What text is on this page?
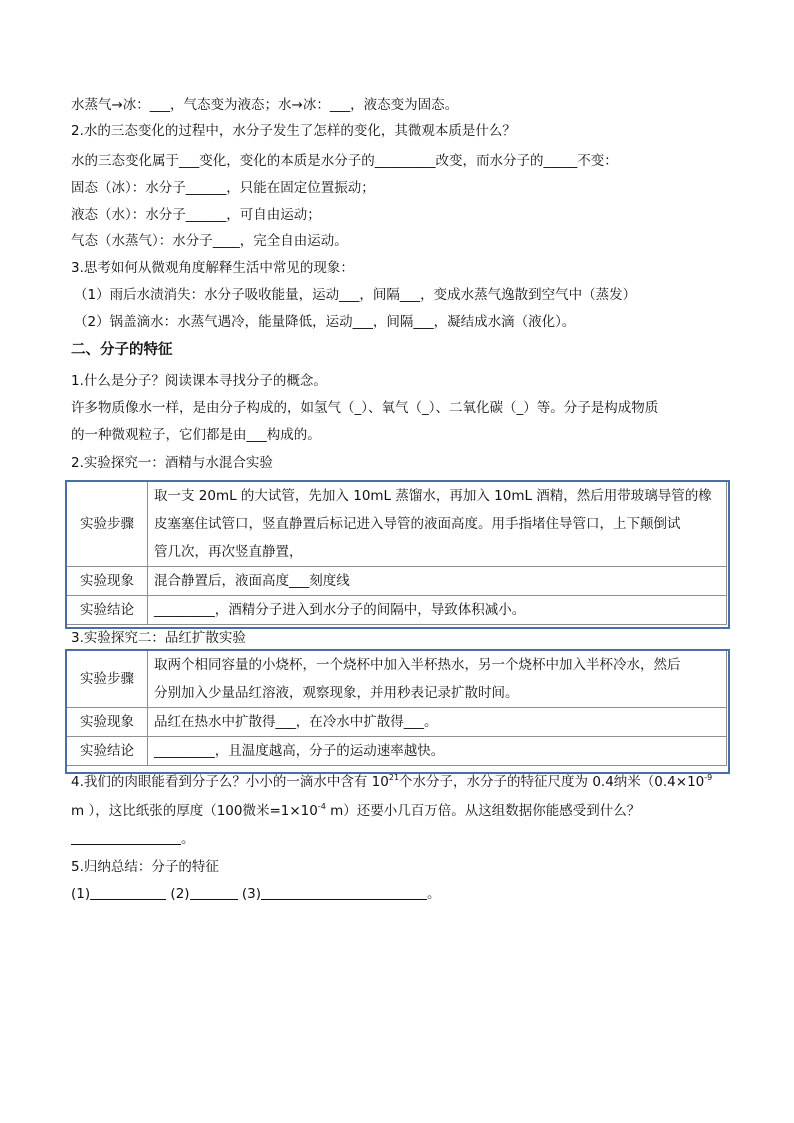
水蒸气→冰：___，气态变为液态；水→冰：___，液态变为固态。
2.水的三态变化的过程中，水分子发生了怎样的变化，其微观本质是什么？
水的三态变化属于___变化，变化的本质是水分子的_________改变，而水分子的_____不变：
固态（冰）：水分子______，只能在固定位置振动；
液态（水）：水分子______，可自由运动；
气态（水蒸气）：水分子____，完全自由运动。
3.思考如何从微观角度解释生活中常见的现象：
（1）雨后水渍消失：水分子吸收能量，运动___，间隔___，变成水蒸气逸散到空气中（蒸发）
（2）锅盖滴水：水蒸气遇冷，能量降低，运动___，间隔___，凝结成水滴（液化）。
二、分子的特征
1.什么是分子？阅读课本寻找分子的概念。
许多物质像水一样，是由分子构成的，如氢气（_）、氧气（_）、二氧化碳（_）等。分子是构成物质
的一种微观粒子，它们都是由___构成的。
2.实验探究一：酒精与水混合实验
实验步骤	取一支 20mL 的大试管，先加入 10mL 蒸馏水，再加入 10mL 酒精，然后用带玻璃导管的橡
皮塞塞住试管口，竖直静置后标记进入导管的液面高度。用手指堵住导管口，上下颠倒试
管几次，再次竖直静置，

实验现象	混合静置后，液面高度___刻度线
实验结论	_________，酒精分子进入到水分子的间隔中，导致体积减小。
3.实验探究二：品红扩散实验
实验步骤	取两个相同容量的小烧杯，一个烧杯中加入半杯热水，另一个烧杯中加入半杯冷水，然后
分别加入少量品红溶液，观察现象，并用秒表记录扩散时间。

实验现象	品红在热水中扩散得___，在冷水中扩散得___。
实验结论	_________，且温度越高，分子的运动速率越快。
4.我们的肉眼能看到分子么？小小的一滴水中含有 $10^{21}$个水分子，水分子的特征尺度为 0.4纳米（$0.4\times 10^{-9}$
m ），这比纸张的厚度（100微米$=1\times 10^{-4}$ m）还要小几百万倍。从这组数据你能感受到什么？
。
5.归纳总结：分子的特征
(1)	(2)	(3)	。
